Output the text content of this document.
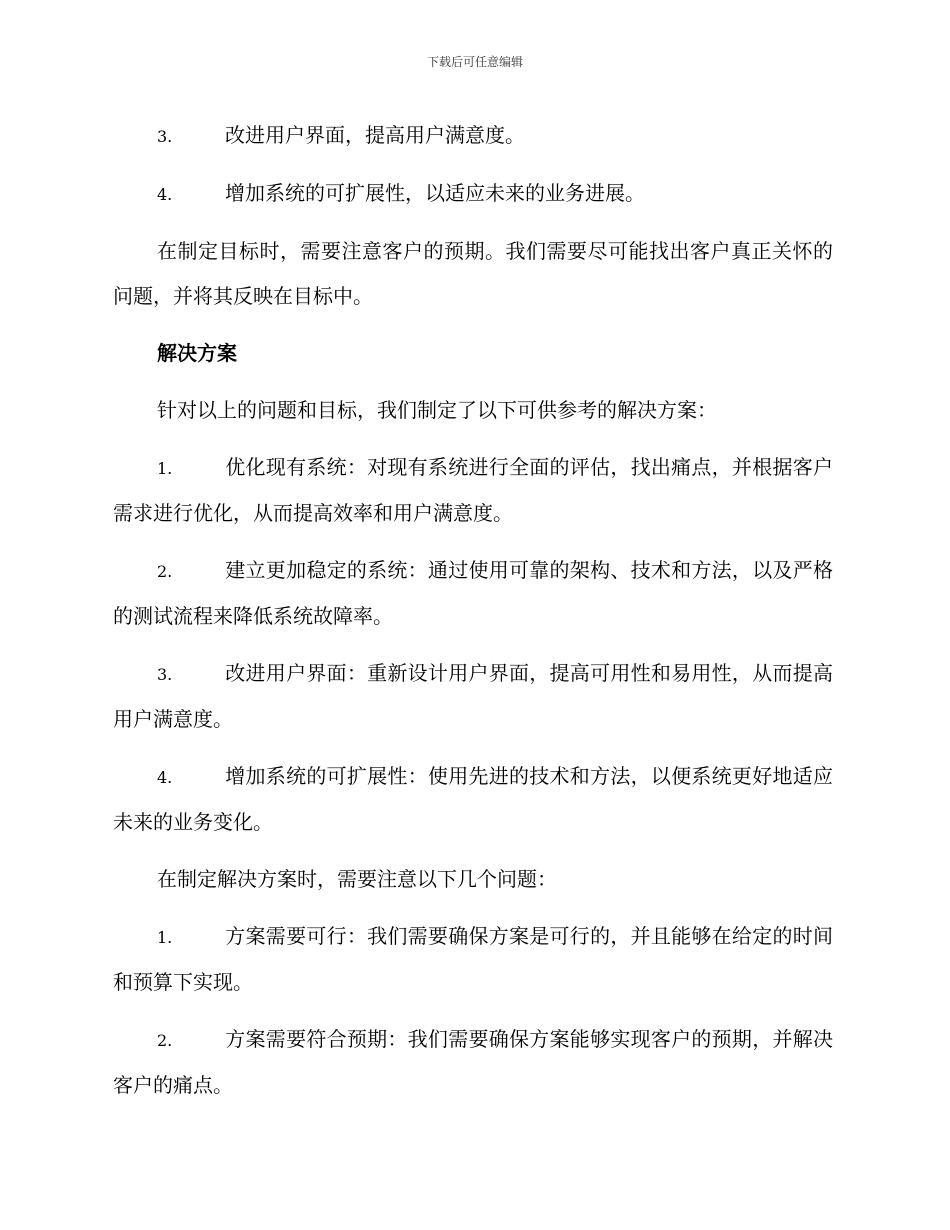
下载后可任意编辑

3.	改进用户界面，提高用户满意度。

4.	增加系统的可扩展性，以适应未来的业务进展。

在制定目标时，需要注意客户的预期。我们需要尽可能找出客户真正关怀的问题，并将其反映在目标中。

解决方案

针对以上的问题和目标，我们制定了以下可供参考的解决方案：

1.	优化现有系统：对现有系统进行全面的评估，找出痛点，并根据客户需求进行优化，从而提高效率和用户满意度。

2.	建立更加稳定的系统：通过使用可靠的架构、技术和方法，以及严格的测试流程来降低系统故障率。

3.	改进用户界面：重新设计用户界面，提高可用性和易用性，从而提高用户满意度。

4.	增加系统的可扩展性：使用先进的技术和方法，以便系统更好地适应未来的业务变化。

在制定解决方案时，需要注意以下几个问题：

1.	方案需要可行：我们需要确保方案是可行的，并且能够在给定的时间和预算下实现。

2.	方案需要符合预期：我们需要确保方案能够实现客户的预期，并解决客户的痛点。
